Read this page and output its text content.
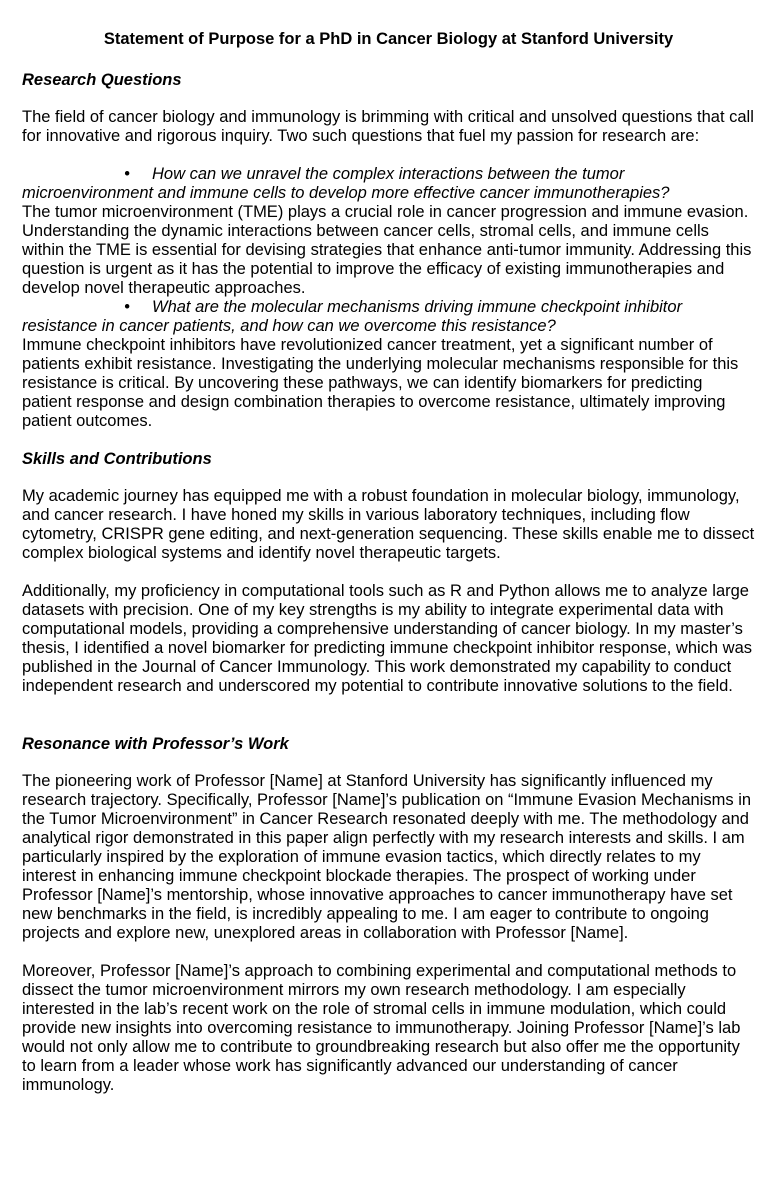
Statement of Purpose for a PhD in Cancer Biology at Stanford University
Research Questions

The field of cancer biology and immunology is brimming with critical and unsolved questions that call for innovative and rigorous inquiry. Two such questions that fuel my passion for research are:

• How can we unravel the complex interactions between the tumor microenvironment and immune cells to develop more effective cancer immunotherapies?

The tumor microenvironment (TME) plays a crucial role in cancer progression and immune evasion. Understanding the dynamic interactions between cancer cells, stromal cells, and immune cells within the TME is essential for devising strategies that enhance anti-tumor immunity. Addressing this question is urgent as it has the potential to improve the efficacy of existing immunotherapies and develop novel therapeutic approaches.

• What are the molecular mechanisms driving immune checkpoint inhibitor resistance in cancer patients, and how can we overcome this resistance?

Immune checkpoint inhibitors have revolutionized cancer treatment, yet a significant number of patients exhibit resistance. Investigating the underlying molecular mechanisms responsible for this resistance is critical. By uncovering these pathways, we can identify biomarkers for predicting patient response and design combination therapies to overcome resistance, ultimately improving patient outcomes.

Skills and Contributions

My academic journey has equipped me with a robust foundation in molecular biology, immunology, and cancer research. I have honed my skills in various laboratory techniques, including flow cytometry, CRISPR gene editing, and next-generation sequencing. These skills enable me to dissect complex biological systems and identify novel therapeutic targets.

Additionally, my proficiency in computational tools such as R and Python allows me to analyze large datasets with precision. One of my key strengths is my ability to integrate experimental data with computational models, providing a comprehensive understanding of cancer biology. In my master’s thesis, I identified a novel biomarker for predicting immune checkpoint inhibitor response, which was published in the Journal of Cancer Immunology. This work demonstrated my capability to conduct independent research and underscored my potential to contribute innovative solutions to the field.

Resonance with Professor’s Work

The pioneering work of Professor [Name] at Stanford University has significantly influenced my research trajectory. Specifically, Professor [Name]’s publication on “Immune Evasion Mechanisms in the Tumor Microenvironment” in Cancer Research resonated deeply with me. The methodology and analytical rigor demonstrated in this paper align perfectly with my research interests and skills. I am particularly inspired by the exploration of immune evasion tactics, which directly relates to my interest in enhancing immune checkpoint blockade therapies. The prospect of working under Professor [Name]’s mentorship, whose innovative approaches to cancer immunotherapy have set new benchmarks in the field, is incredibly appealing to me. I am eager to contribute to ongoing projects and explore new, unexplored areas in collaboration with Professor [Name].

Moreover, Professor [Name]’s approach to combining experimental and computational methods to dissect the tumor microenvironment mirrors my own research methodology. I am especially interested in the lab’s recent work on the role of stromal cells in immune modulation, which could provide new insights into overcoming resistance to immunotherapy. Joining Professor [Name]’s lab would not only allow me to contribute to groundbreaking research but also offer me the opportunity to learn from a leader whose work has significantly advanced our understanding of cancer immunology.
